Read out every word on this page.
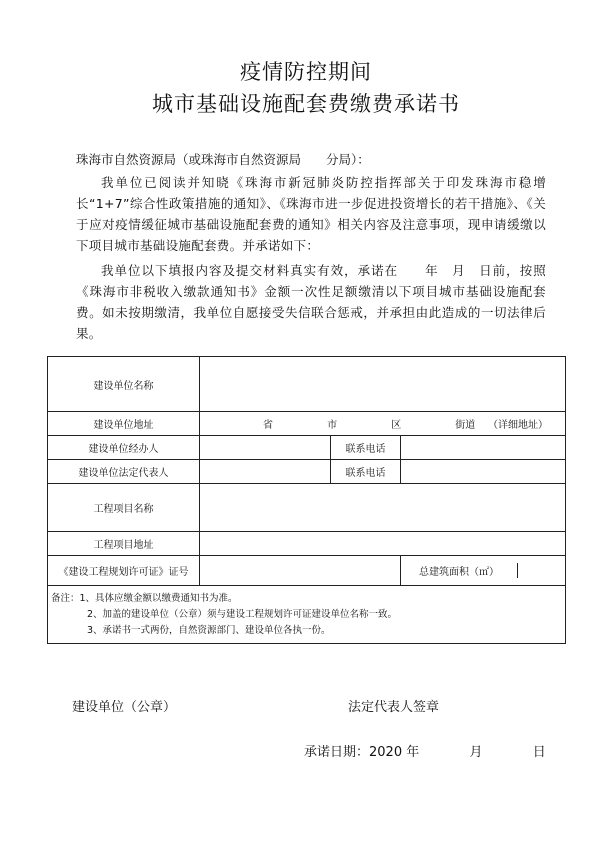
疫情防控期间
城市基础设施配套费缴费承诺书
珠海市自然资源局（或珠海市自然资源局　　分局）：
我单位已阅读并知晓《珠海市新冠肺炎防控指挥部关于印发珠海市稳增长“1+7”综合性政策措施的通知》、《珠海市进一步促进投资增长的若干措施》、《关于应对疫情缓征城市基础设施配套费的通知》相关内容及注意事项，现申请缓缴以下项目城市基础设施配套费。并承诺如下：
我单位以下填报内容及提交材料真实有效，承诺在　　年　月　日前，按照《珠海市非税收入缴款通知书》金额一次性足额缴清以下项目城市基础设施配套费。如未按期缴清，我单位自愿接受失信联合惩戒，并承担由此造成的一切法律后果。
建设单位名称	
建设单位地址	省	市	区	街道 （详细地址）

建设单位经办人		联系电话	
建设单位法定代表人		联系电话	
工程项目名称	
工程项目地址	
《建设工程规划许可证》证号			总建筑面积（㎡）	

备注：1、具体应缴金额以缴费通知书为准。
2、加盖的建设单位（公章）须与建设工程规划许可证建设单位名称一致。
3、承诺书一式两份，自然资源部门、建设单位各执一份。
建设单位（公章）	法定代表人签章
承诺日期：2020 年	月	日
